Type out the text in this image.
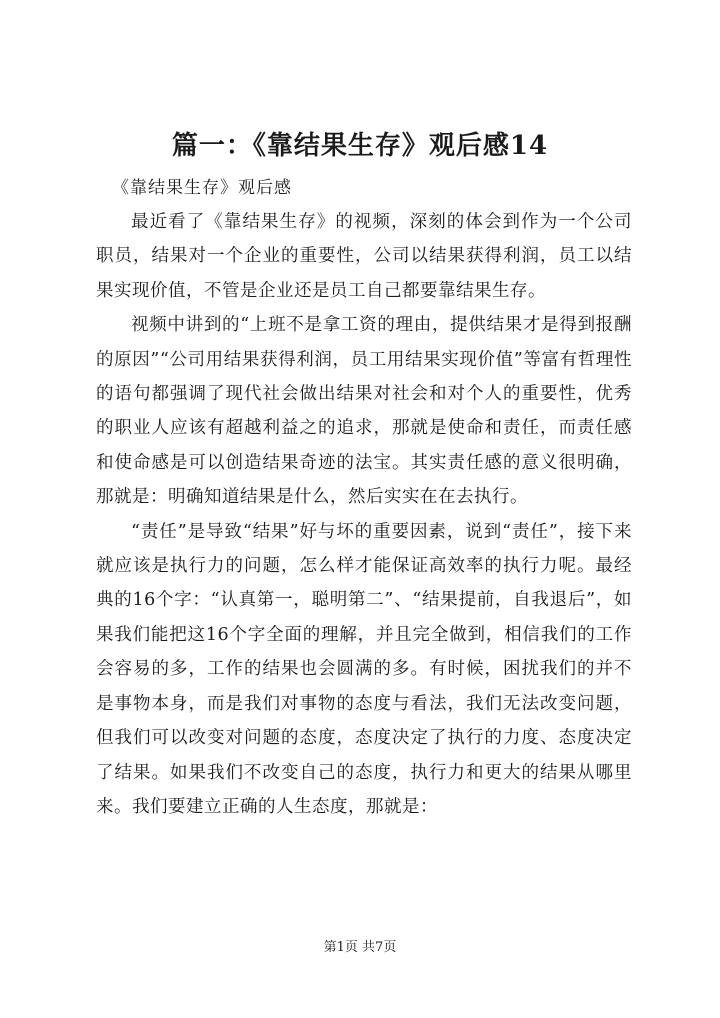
篇一：《靠结果生存》观后感14
《靠结果生存》观后感

最近看了《靠结果生存》的视频，深刻的体会到作为一个公司职员，结果对一个企业的重要性，公司以结果获得利润，员工以结果实现价值，不管是企业还是员工自己都要靠结果生存。

视频中讲到的“上班不是拿工资的理由，提供结果才是得到报酬的原因”“公司用结果获得利润，员工用结果实现价值”等富有哲理性的语句都强调了现代社会做出结果对社会和对个人的重要性，优秀的职业人应该有超越利益之的追求，那就是使命和责任，而责任感和使命感是可以创造结果奇迹的法宝。其实责任感的意义很明确，那就是：明确知道结果是什么，然后实实在在去执行。

“责任”是导致“结果”好与坏的重要因素，说到“责任”，接下来就应该是执行力的问题，怎么样才能保证高效率的执行力呢。最经典的16个字：“认真第一，聪明第二”、“结果提前，自我退后”，如果我们能把这16个字全面的理解，并且完全做到，相信我们的工作会容易的多，工作的结果也会圆满的多。有时候，困扰我们的并不是事物本身，而是我们对事物的态度与看法，我们无法改变问题，但我们可以改变对问题的态度，态度决定了执行的力度、态度决定了结果。如果我们不改变自己的态度，执行力和更大的结果从哪里来。我们要建立正确的人生态度，那就是：

第1页 共7页
